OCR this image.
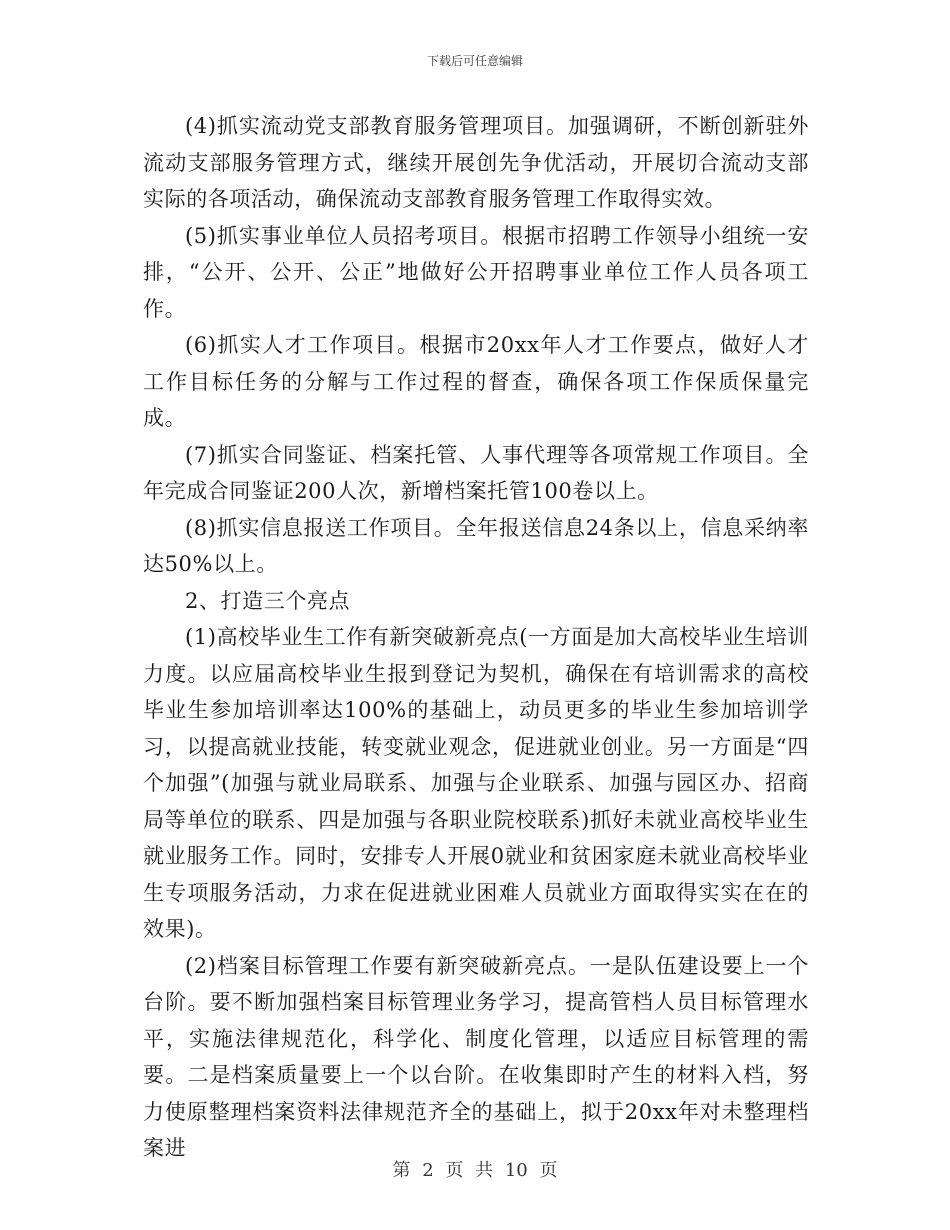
下载后可任意编辑

(4)抓实流动党支部教育服务管理项目。加强调研，不断创新驻外流动支部服务管理方式，继续开展创先争优活动，开展切合流动支部实际的各项活动，确保流动支部教育服务管理工作取得实效。

(5)抓实事业单位人员招考项目。根据市招聘工作领导小组统一安排，“公开、公开、公正”地做好公开招聘事业单位工作人员各项工作。

(6)抓实人才工作项目。根据市20xx年人才工作要点，做好人才工作目标任务的分解与工作过程的督查，确保各项工作保质保量完成。

(7)抓实合同鉴证、档案托管、人事代理等各项常规工作项目。全年完成合同鉴证200人次，新增档案托管100卷以上。

(8)抓实信息报送工作项目。全年报送信息24条以上，信息采纳率达50%以上。

2、打造三个亮点

(1)高校毕业生工作有新突破新亮点(一方面是加大高校毕业生培训力度。以应届高校毕业生报到登记为契机，确保在有培训需求的高校毕业生参加培训率达100%的基础上，动员更多的毕业生参加培训学习，以提高就业技能，转变就业观念，促进就业创业。另一方面是“四个加强”(加强与就业局联系、加强与企业联系、加强与园区办、招商局等单位的联系、四是加强与各职业院校联系)抓好未就业高校毕业生就业服务工作。同时，安排专人开展0就业和贫困家庭未就业高校毕业生专项服务活动，力求在促进就业困难人员就业方面取得实实在在的效果)。

(2)档案目标管理工作要有新突破新亮点。一是队伍建设要上一个台阶。要不断加强档案目标管理业务学习，提高管档人员目标管理水平，实施法律规范化，科学化、制度化管理，以适应目标管理的需要。二是档案质量要上一个以台阶。在收集即时产生的材料入档，努力使原整理档案资料法律规范齐全的基础上，拟于20xx年对未整理档案进

第 2 页 共 10 页
